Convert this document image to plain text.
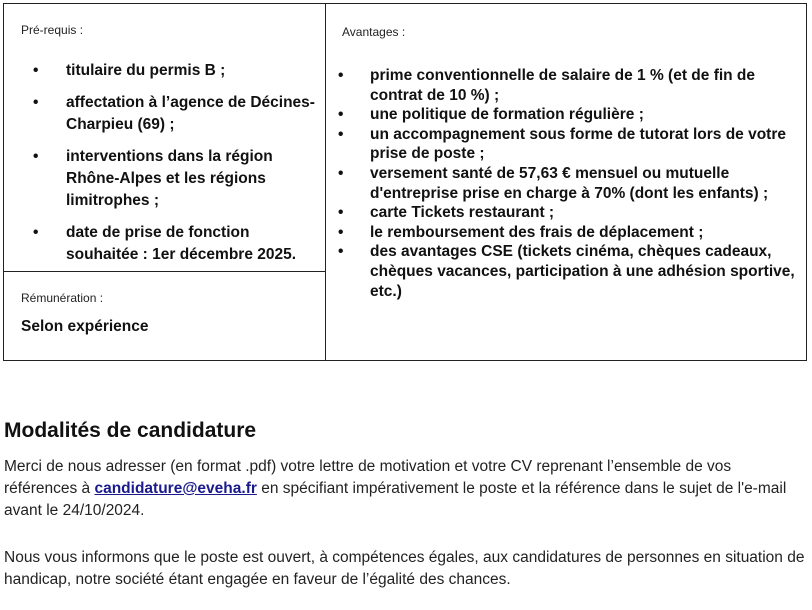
Pré-requis :
• titulaire du permis B ;
• affectation à l’agence de Décines-Charpieu (69) ;
• interventions dans la région Rhône-Alpes et les régions limitrophes ;
• date de prise de fonction souhaitée : 1er décembre 2025.
Rémunération :
Avantages :
• prime conventionnelle de salaire de 1 % (et de fin de contrat de 10 %) ;
• une politique de formation régulière ;
• un accompagnement sous forme de tutorat lors de votre prise de poste ;
• versement santé de 57,63 € mensuel ou mutuelle d'entreprise prise en charge à 70% (dont les enfants) ;
• carte Tickets restaurant ;
• le remboursement des frais de déplacement ;
• des avantages CSE (tickets cinéma, chèques cadeaux, chèques vacances, participation à une adhésion sportive, etc.)
Selon expérience
Modalités de candidature

Merci de nous adresser (en format .pdf) votre lettre de motivation et votre CV reprenant l’ensemble de vos références à candidature@eveha.fr en spécifiant impérativement le poste et la référence dans le sujet de l'e-mail avant le 24/10/2024.

Nous vous informons que le poste est ouvert, à compétences égales, aux candidatures de personnes en situation de handicap, notre société étant engagée en faveur de l’égalité des chances.
